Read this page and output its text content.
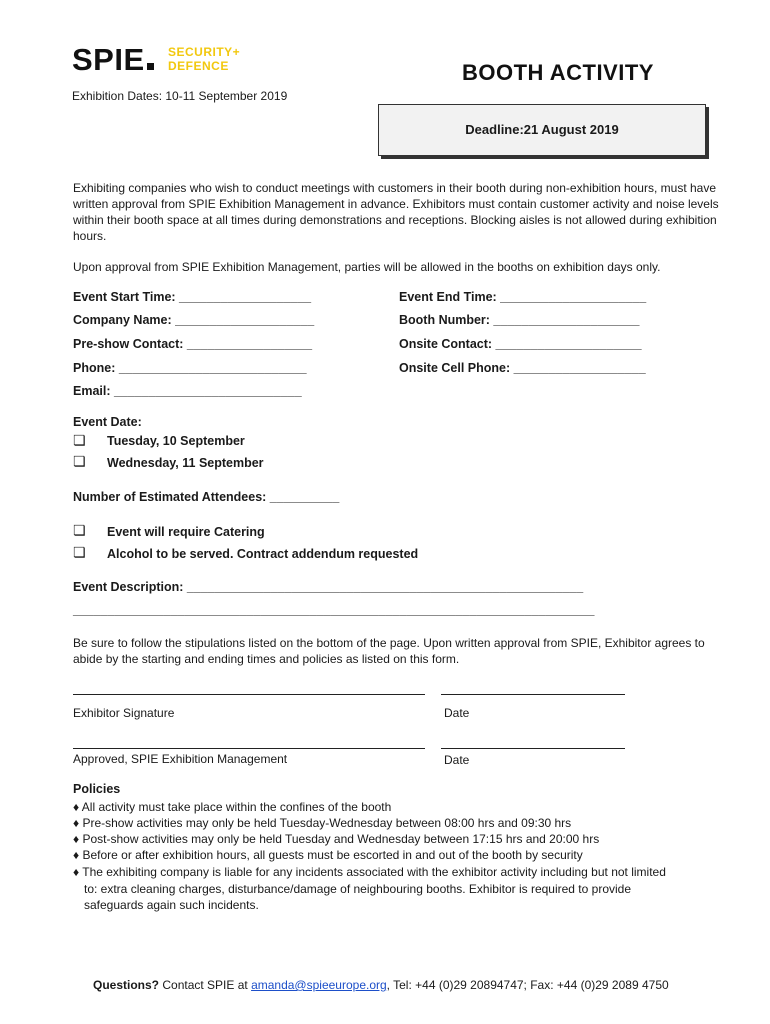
SPIE	SECURITY+
DEFENCE	BOOTH ACTIVITY
Exhibition Dates: 10-11 September 2019
Deadline:21 August 2019
Exhibiting companies who wish to conduct meetings with customers in their booth during non-exhibition hours, must have written approval from SPIE Exhibition Management in advance. Exhibitors must contain customer activity and noise levels within their booth space at all times during demonstrations and receptions. Blocking aisles is not allowed during exhibition hours.
Upon approval from SPIE Exhibition Management, parties will be allowed in the booths on exhibition days only.
Event Start Time: ___________________	Event End Time: _____________________
Company Name: ____________________	Booth Number: _____________________
Pre-show Contact: __________________	Onsite Contact: _____________________
Phone: ___________________________	Onsite Cell Phone: ___________________
Email: ___________________________
Event Date:
❏ Tuesday, 10 September
❏ Wednesday, 11 September
Number of Estimated Attendees: __________
❏ Event will require Catering
❏ Alcohol to be served. Contract addendum requested
Event Description: _________________________________________________________
___________________________________________________________________________
Be sure to follow the stipulations listed on the bottom of the page. Upon written approval from SPIE, Exhibitor agrees to abide by the starting and ending times and policies as listed on this form.
Exhibitor Signature	Date
Approved, SPIE Exhibition Management	Date
Policies
♦ All activity must take place within the confines of the booth
♦ Pre-show activities may only be held Tuesday-Wednesday between 08:00 hrs and 09:30 hrs
♦ Post-show activities may only be held Tuesday and Wednesday between 17:15 hrs and 20:00 hrs
♦ Before or after exhibition hours, all guests must be escorted in and out of the booth by security
♦ The exhibiting company is liable for any incidents associated with the exhibitor activity including but not limited
to: extra cleaning charges, disturbance/damage of neighbouring booths. Exhibitor is required to provide
safeguards again such incidents.
Questions? Contact SPIE at amanda@spieeurope.org, Tel: +44 (0)29 20894747; Fax: +44 (0)29 2089 4750
